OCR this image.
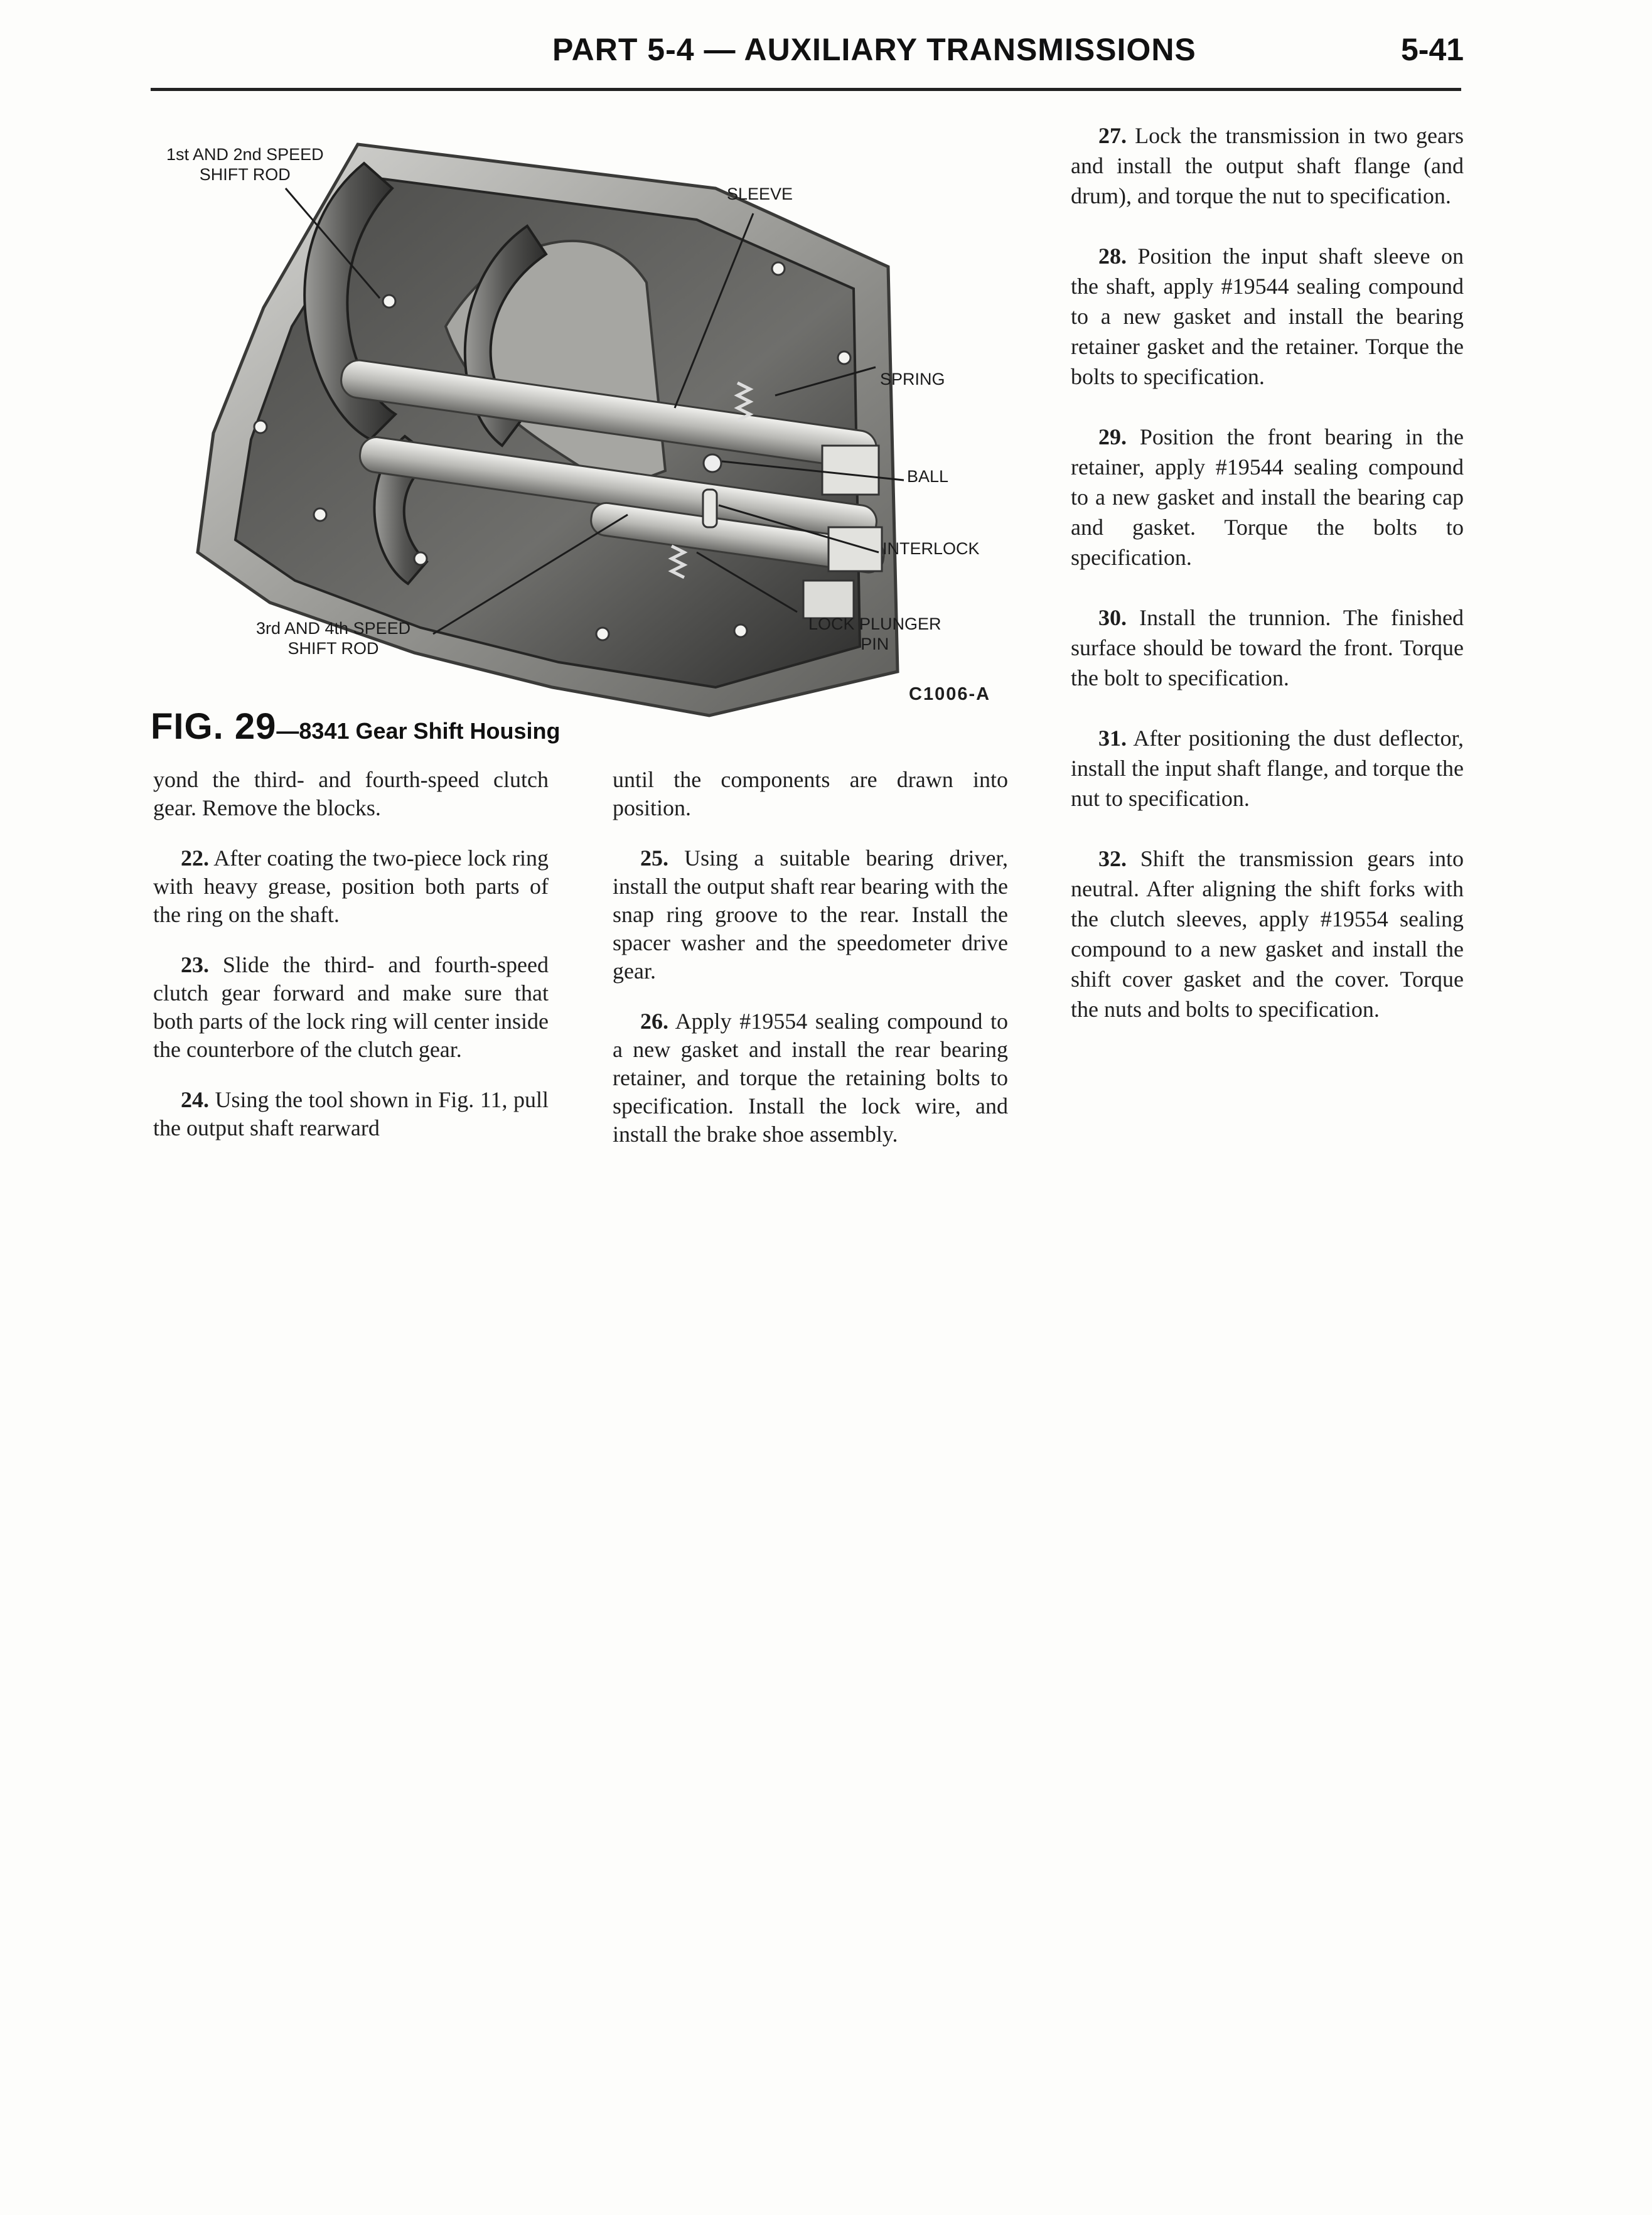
PART 5-4 — AUXILIARY TRANSMISSIONS	5-41
1st AND 2nd SPEED
SHIFT ROD
SLEEVE
SPRING
BALL
INTERLOCK
LOCK PLUNGER
PIN
3rd AND 4th SPEED
SHIFT ROD
C1006-A
FIG. 29—8341 Gear Shift Housing

yond the third- and fourth-speed clutch gear. Remove the blocks.

22. After coating the two-piece lock ring with heavy grease, position both parts of the ring on the shaft.

23. Slide the third- and fourth-speed clutch gear forward and make sure that both parts of the lock ring will center inside the counterbore of the clutch gear.

24. Using the tool shown in Fig. 11, pull the output shaft rearward

until the components are drawn into position.

25. Using a suitable bearing driver, install the output shaft rear bearing with the snap ring groove to the rear. Install the spacer washer and the speedometer drive gear.

26. Apply #19554 sealing compound to a new gasket and install the rear bearing retainer, and torque the retaining bolts to specification. Install the lock wire, and install the brake shoe assembly.

27. Lock the transmission in two gears and install the output shaft flange (and drum), and torque the nut to specification.

28. Position the input shaft sleeve on the shaft, apply #19544 sealing compound to a new gasket and install the bearing retainer gasket and the retainer. Torque the bolts to specification.

29. Position the front bearing in the retainer, apply #19544 sealing compound to a new gasket and install the bearing cap and gasket. Torque the bolts to specification.

30. Install the trunnion. The finished surface should be toward the front. Torque the bolt to specification.

31. After positioning the dust deflector, install the input shaft flange, and torque the nut to specification.

32. Shift the transmission gears into neutral. After aligning the shift forks with the clutch sleeves, apply #19554 sealing compound to a new gasket and install the shift cover gasket and the cover. Torque the nuts and bolts to specification.
